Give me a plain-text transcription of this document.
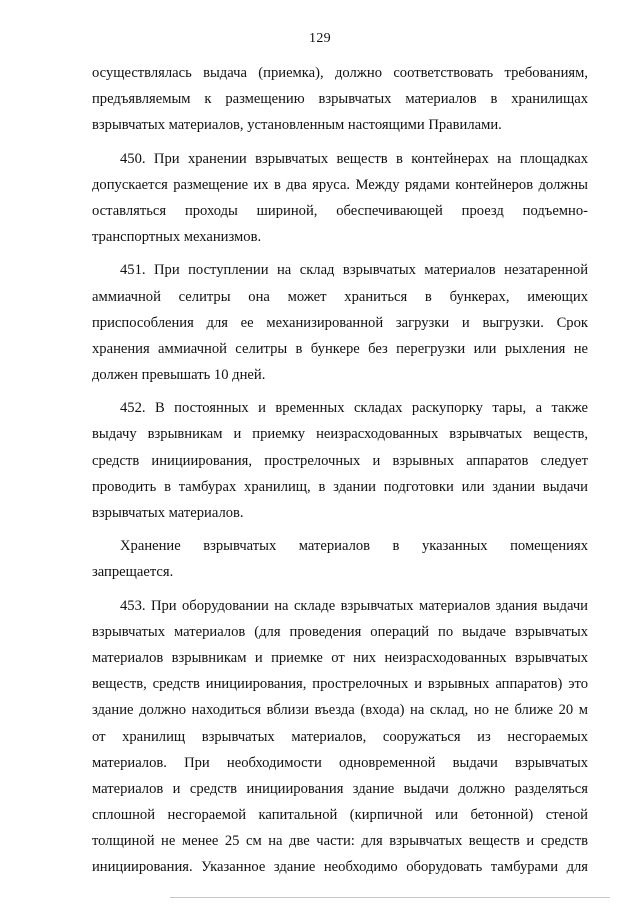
129
осуществлялась выдача (приемка), должно соответствовать требованиям,
предъявляемым к размещению взрывчатых материалов в хранилищах
взрывчатых материалов, установленным настоящими Правилами.
450. При хранении взрывчатых веществ в контейнерах на площадках
допускается размещение их в два яруса. Между рядами контейнеров должны
оставляться проходы шириной, обеспечивающей проезд подъемно-
транспортных механизмов.
451. При поступлении на склад взрывчатых материалов незатаренной
аммиачной селитры она может храниться в бункерах, имеющих
приспособления для ее механизированной загрузки и выгрузки. Срок
хранения аммиачной селитры в бункере без перегрузки или рыхления не
должен превышать 10 дней.
452. В постоянных и временных складах раскупорку тары, а также
выдачу взрывникам и приемку неизрасходованных взрывчатых веществ,
средств инициирования, прострелочных и взрывных аппаратов следует
проводить в тамбурах хранилищ, в здании подготовки или здании выдачи
взрывчатых материалов.
Хранение взрывчатых материалов в указанных помещениях
запрещается.
453. При оборудовании на складе взрывчатых материалов здания выдачи
взрывчатых материалов (для проведения операций по выдаче взрывчатых
материалов взрывникам и приемке от них неизрасходованных взрывчатых
веществ, средств инициирования, прострелочных и взрывных аппаратов) это
здание должно находиться вблизи въезда (входа) на склад, но не ближе 20 м
от хранилищ взрывчатых материалов, сооружаться из несгораемых
материалов. При необходимости одновременной выдачи взрывчатых
материалов и средств инициирования здание выдачи должно разделяться
сплошной несгораемой капитальной (кирпичной или бетонной) стеной
толщиной не менее 25 см на две части: для взрывчатых веществ и средств
инициирования. Указанное здание необходимо оборудовать тамбурами для
